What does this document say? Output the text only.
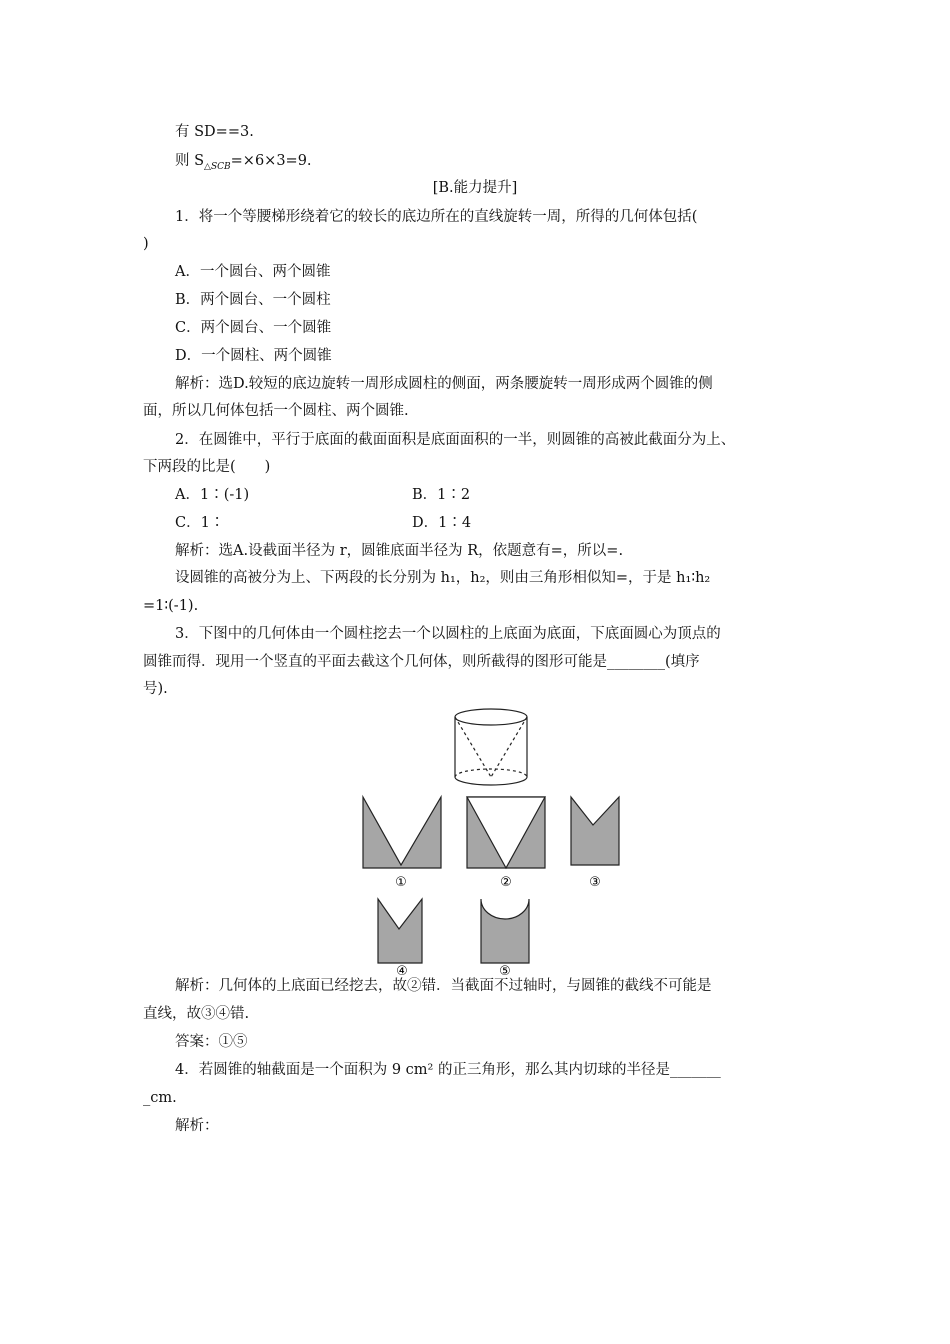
有 SD==3.
则 $S_{\triangle SCB}=\times 6\times 3=9$.
[B.能力提升]
1．将一个等腰梯形绕着它的较长的底边所在的直线旋转一周，所得的几何体包括(
)
A．一个圆台、两个圆锥
B．两个圆台、一个圆柱
C．两个圆台、一个圆锥
D．一个圆柱、两个圆锥
解析：选D.较短的底边旋转一周形成圆柱的侧面，两条腰旋转一周形成两个圆锥的侧
面，所以几何体包括一个圆柱、两个圆锥.
2．在圆锥中，平行于底面的截面面积是底面面积的一半，则圆锥的高被此截面分为上、
下两段的比是(　　)
A．1∶(-1)	B．1∶2
C．1∶	D．1∶4
解析：选A.设截面半径为 r，圆锥底面半径为 R，依题意有=，所以=.
设圆锥的高被分为上、下两段的长分别为 h₁，h₂，则由三角形相似知=，于是 h₁∶h₂
=1∶(-1).
3．下图中的几何体由一个圆柱挖去一个以圆柱的上底面为底面，下底面圆心为顶点的
圆锥而得．现用一个竖直的平面去截这个几何体，则所截得的图形可能是________(填序
号).
①	②	③
④	⑤
解析：几何体的上底面已经挖去，故②错．当截面不过轴时，与圆锥的截线不可能是
直线，故③④错.
答案：①⑤
4．若圆锥的轴截面是一个面积为 9 cm² 的正三角形，那么其内切球的半径是_______
_cm.
解析：
